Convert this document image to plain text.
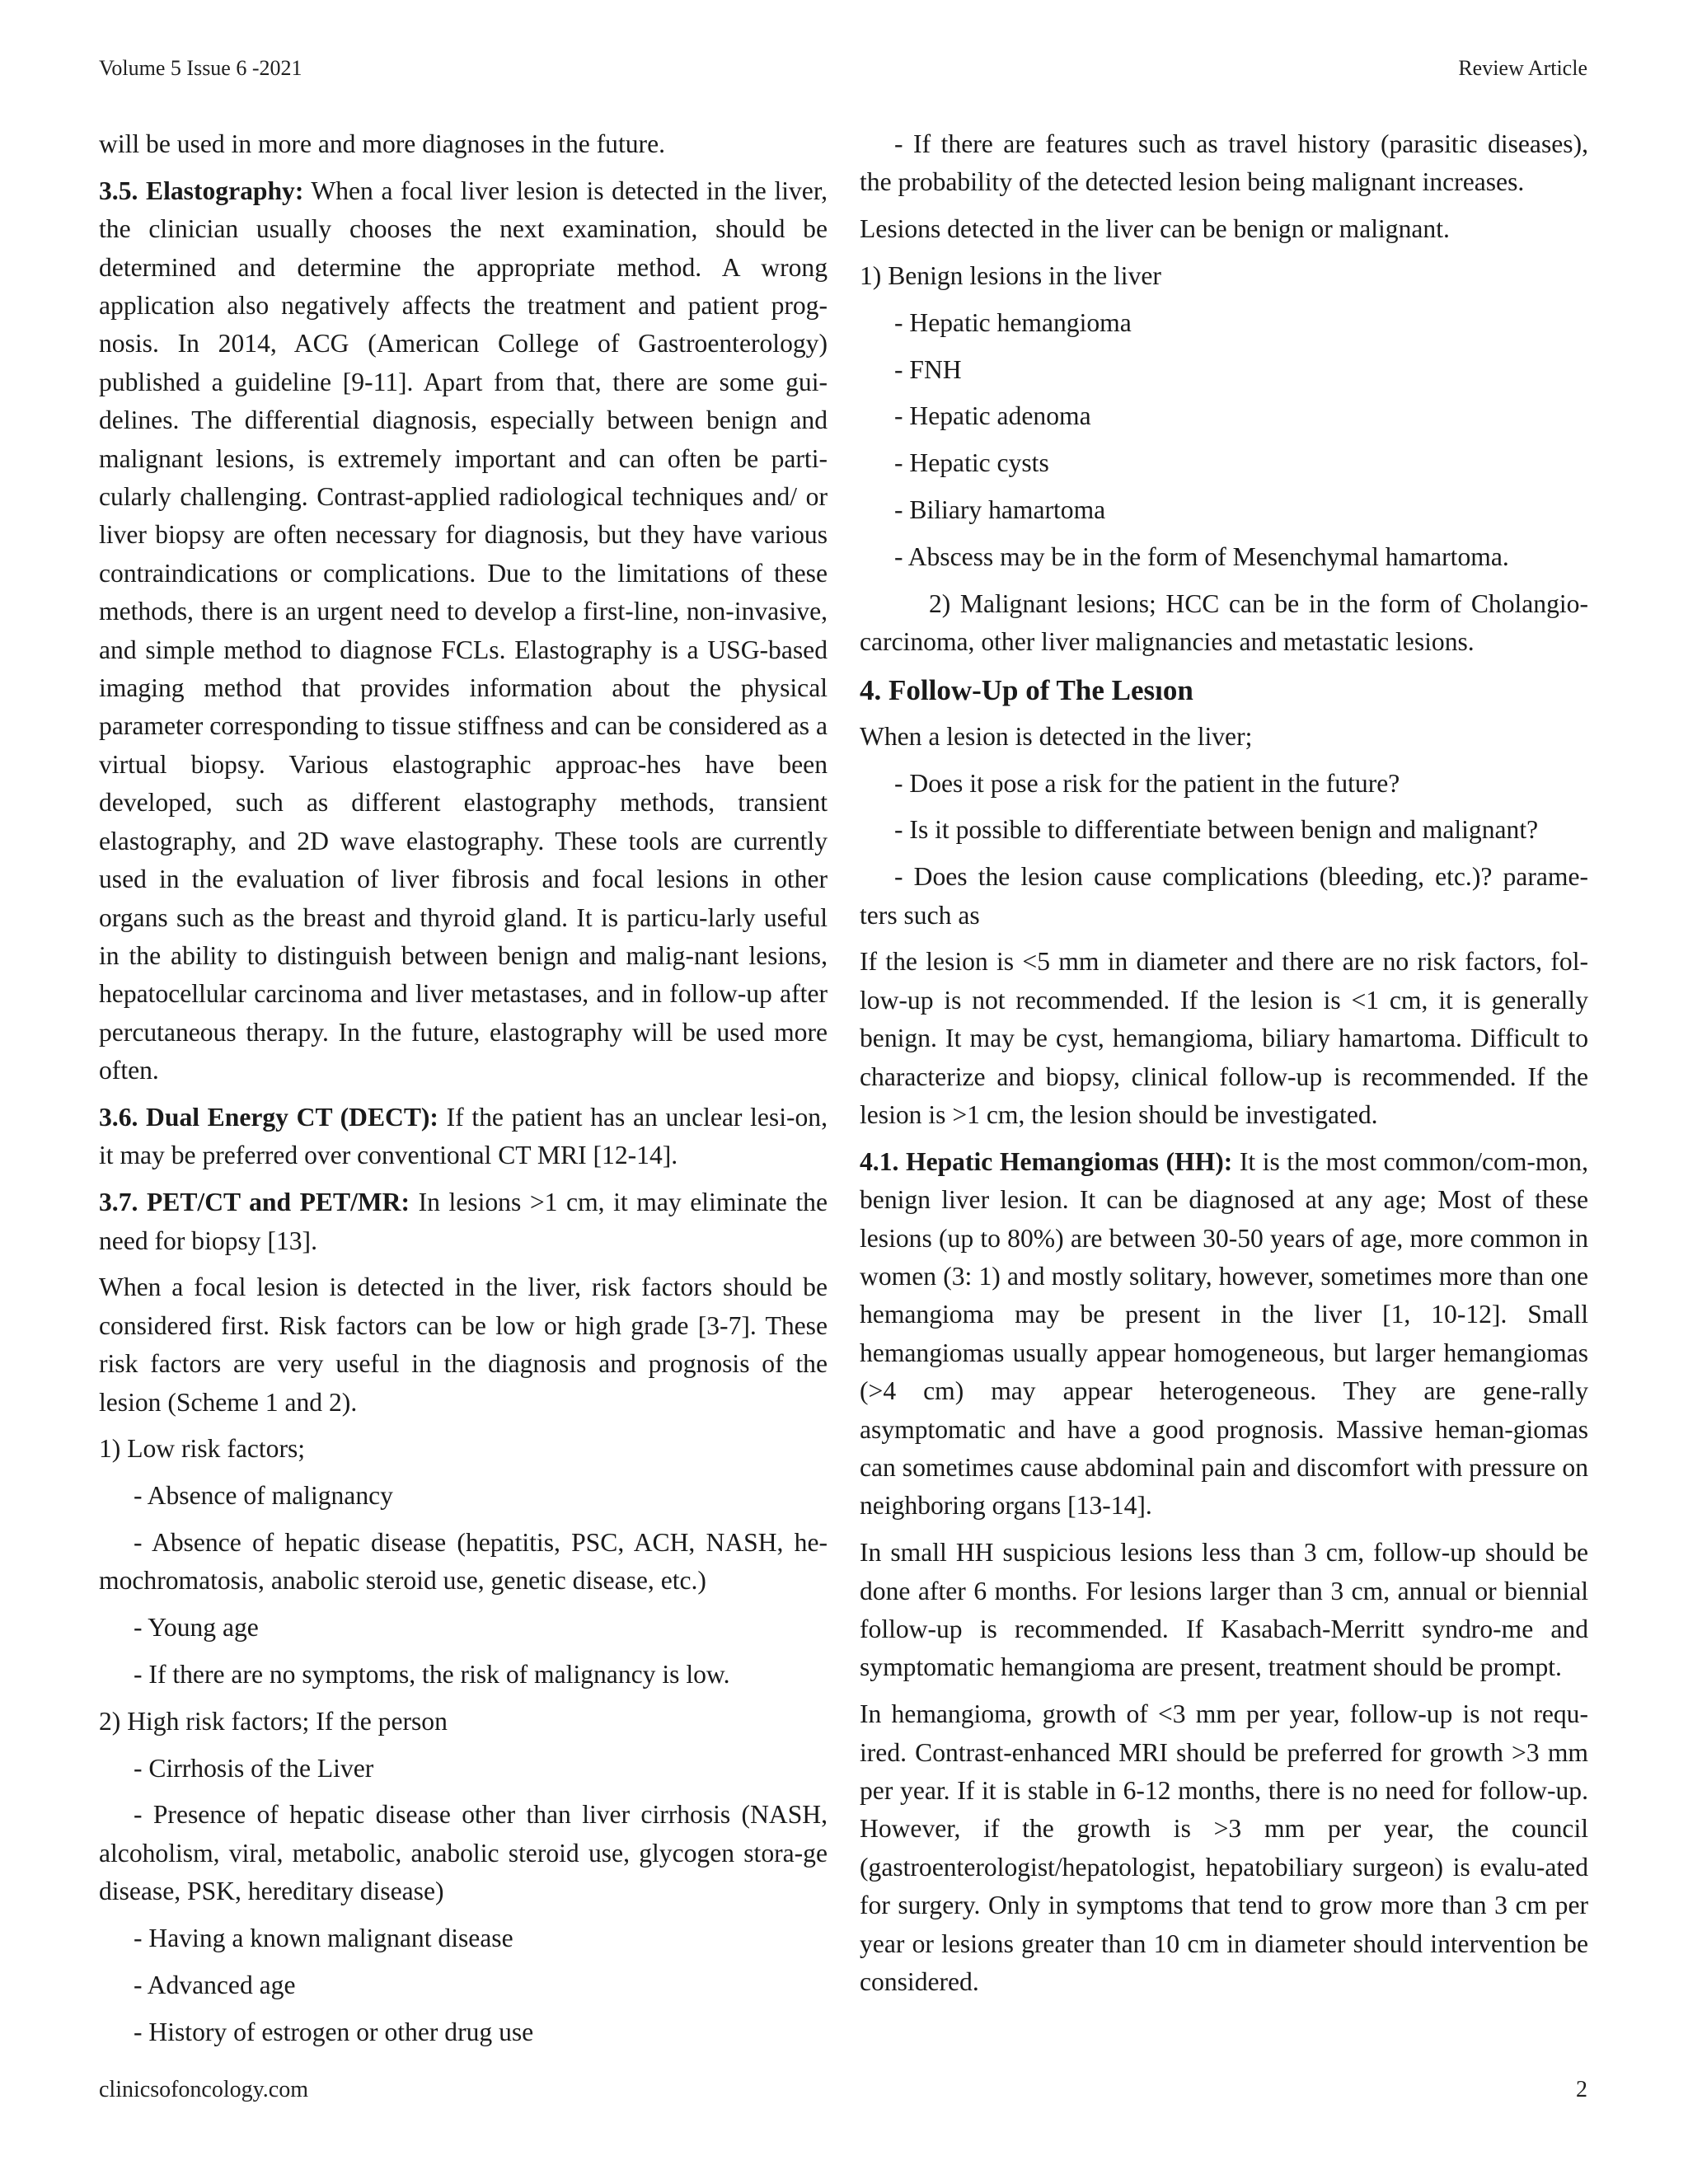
Volume 5 Issue 6 -2021	Review Article

will be used in more and more diagnoses in the future.

3.5. Elastography: When a focal liver lesion is detected in the liver, the clinician usually chooses the next examination, should be determined and determine the appropriate method. A wrong application also negatively affects the treatment and patient prog-nosis. In 2014, ACG (American College of Gastroenterology) published a guideline [9-11]. Apart from that, there are some gui-delines. The differential diagnosis, especially between benign and malignant lesions, is extremely important and can often be parti-cularly challenging. Contrast-applied radiological techniques and/ or liver biopsy are often necessary for diagnosis, but they have various contraindications or complications. Due to the limitations of these methods, there is an urgent need to develop a first-line, non-invasive, and simple method to diagnose FCLs. Elastography is a USG-based imaging method that provides information about the physical parameter corresponding to tissue stiffness and can be considered as a virtual biopsy. Various elastographic approac-hes have been developed, such as different elastography methods, transient elastography, and 2D wave elastography. These tools are currently used in the evaluation of liver fibrosis and focal lesions in other organs such as the breast and thyroid gland. It is particu-larly useful in the ability to distinguish between benign and malig-nant lesions, hepatocellular carcinoma and liver metastases, and in follow-up after percutaneous therapy. In the future, elastography will be used more often.

3.6. Dual Energy CT (DECT): If the patient has an unclear lesi-on, it may be preferred over conventional CT MRI [12-14].

3.7. PET/CT and PET/MR: In lesions >1 cm, it may eliminate the need for biopsy [13].

When a focal lesion is detected in the liver, risk factors should be considered first. Risk factors can be low or high grade [3-7]. These risk factors are very useful in the diagnosis and prognosis of the lesion (Scheme 1 and 2).

1) Low risk factors;

- Absence of malignancy

- Absence of hepatic disease (hepatitis, PSC, ACH, NASH, he-mochromatosis, anabolic steroid use, genetic disease, etc.)

- Young age

- If there are no symptoms, the risk of malignancy is low.

2) High risk factors; If the person

- Cirrhosis of the Liver

- Presence of hepatic disease other than liver cirrhosis (NASH, alcoholism, viral, metabolic, anabolic steroid use, glycogen stora-ge disease, PSK, hereditary disease)

- Having a known malignant disease

- Advanced age

- History of estrogen or other drug use

- If there are features such as travel history (parasitic diseases), the probability of the detected lesion being malignant increases.

Lesions detected in the liver can be benign or malignant.

1) Benign lesions in the liver

- Hepatic hemangioma

- FNH

- Hepatic adenoma

- Hepatic cysts

- Biliary hamartoma

- Abscess may be in the form of Mesenchymal hamartoma.

2) Malignant lesions; HCC can be in the form of Cholangio-carcinoma, other liver malignancies and metastatic lesions.

4. Follow-Up of The Lesıon

When a lesion is detected in the liver;

- Does it pose a risk for the patient in the future?

- Is it possible to differentiate between benign and malignant?

- Does the lesion cause complications (bleeding, etc.)? parame-ters such as

If the lesion is <5 mm in diameter and there are no risk factors, fol-low-up is not recommended. If the lesion is <1 cm, it is generally benign. It may be cyst, hemangioma, biliary hamartoma. Difficult to characterize and biopsy, clinical follow-up is recommended. If the lesion is >1 cm, the lesion should be investigated.

4.1. Hepatic Hemangiomas (HH): It is the most common/com-mon, benign liver lesion. It can be diagnosed at any age; Most of these lesions (up to 80%) are between 30-50 years of age, more common in women (3: 1) and mostly solitary, however, sometimes more than one hemangioma may be present in the liver [1, 10-12]. Small hemangiomas usually appear homogeneous, but larger hemangiomas (>4 cm) may appear heterogeneous. They are gene-rally asymptomatic and have a good prognosis. Massive heman-giomas can sometimes cause abdominal pain and discomfort with pressure on neighboring organs [13-14].

In small HH suspicious lesions less than 3 cm, follow-up should be done after 6 months. For lesions larger than 3 cm, annual or biennial follow-up is recommended. If Kasabach-Merritt syndro-me and symptomatic hemangioma are present, treatment should be prompt.

In hemangioma, growth of <3 mm per year, follow-up is not requ-ired. Contrast-enhanced MRI should be preferred for growth >3 mm per year. If it is stable in 6-12 months, there is no need for follow-up. However, if the growth is >3 mm per year, the council (gastroenterologist/hepatologist, hepatobiliary surgeon) is evalu-ated for surgery. Only in symptoms that tend to grow more than 3 cm per year or lesions greater than 10 cm in diameter should intervention be considered.

clinicsofoncology.com	2
